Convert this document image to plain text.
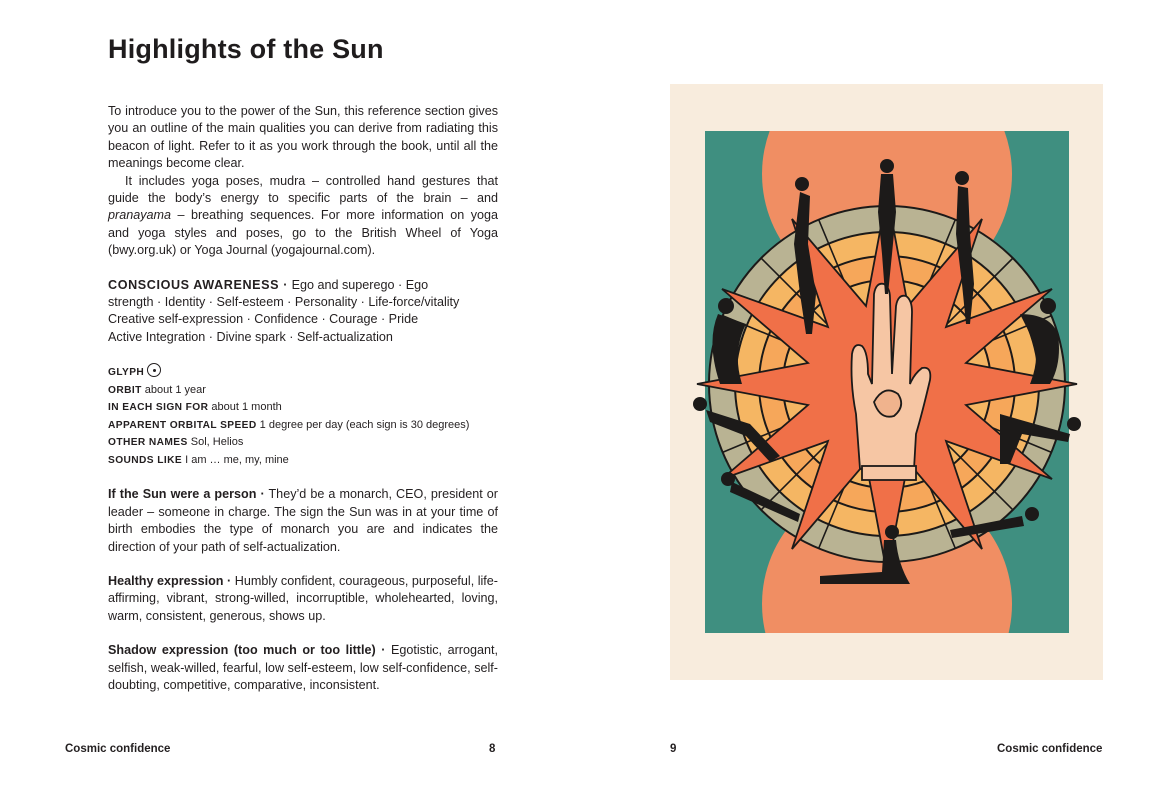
Highlights of the Sun

To introduce you to the power of the Sun, this reference section gives you an outline of the main qualities you can derive from radiating this beacon of light. Refer to it as you work through the book, until all the meanings become clear.

It includes yoga poses, mudra – controlled hand gestures that guide the body’s energy to specific parts of the brain – and pranayama – breathing sequences. For more information on yoga and yoga styles and poses, go to the British Wheel of Yoga (bwy.org.uk) or Yoga Journal (yogajournal.com).

CONSCIOUS AWARENESS · Ego and superego · Ego

strength · Identity · Self-esteem · Personality · Life-force/vitality

Creative self-expression · Confidence · Courage · Pride

Active Integration · Divine spark · Self-actualization

GLYPH
ORBIT about 1 year
IN EACH SIGN FOR about 1 month
APPARENT ORBITAL SPEED 1 degree per day (each sign is 30 degrees)
OTHER NAMES Sol, Helios
SOUNDS LIKE I am … me, my, mine

If the Sun were a person · They’d be a monarch, CEO, president or leader – someone in charge. The sign the Sun was in at your time of birth embodies the type of monarch you are and indicates the direction of your path of self-actualization.

Healthy expression · Humbly confident, courageous, purposeful, life-affirming, vibrant, strong-willed, incorruptible, wholehearted, loving, warm, consistent, generous, shows up.

Shadow expression (too much or too little) · Egotistic, arrogant, selfish, weak-willed, fearful, low self-esteem, low self-confidence, self-doubting, competitive, comparative, inconsistent.

Cosmic confidence	8	9	Cosmic confidence
